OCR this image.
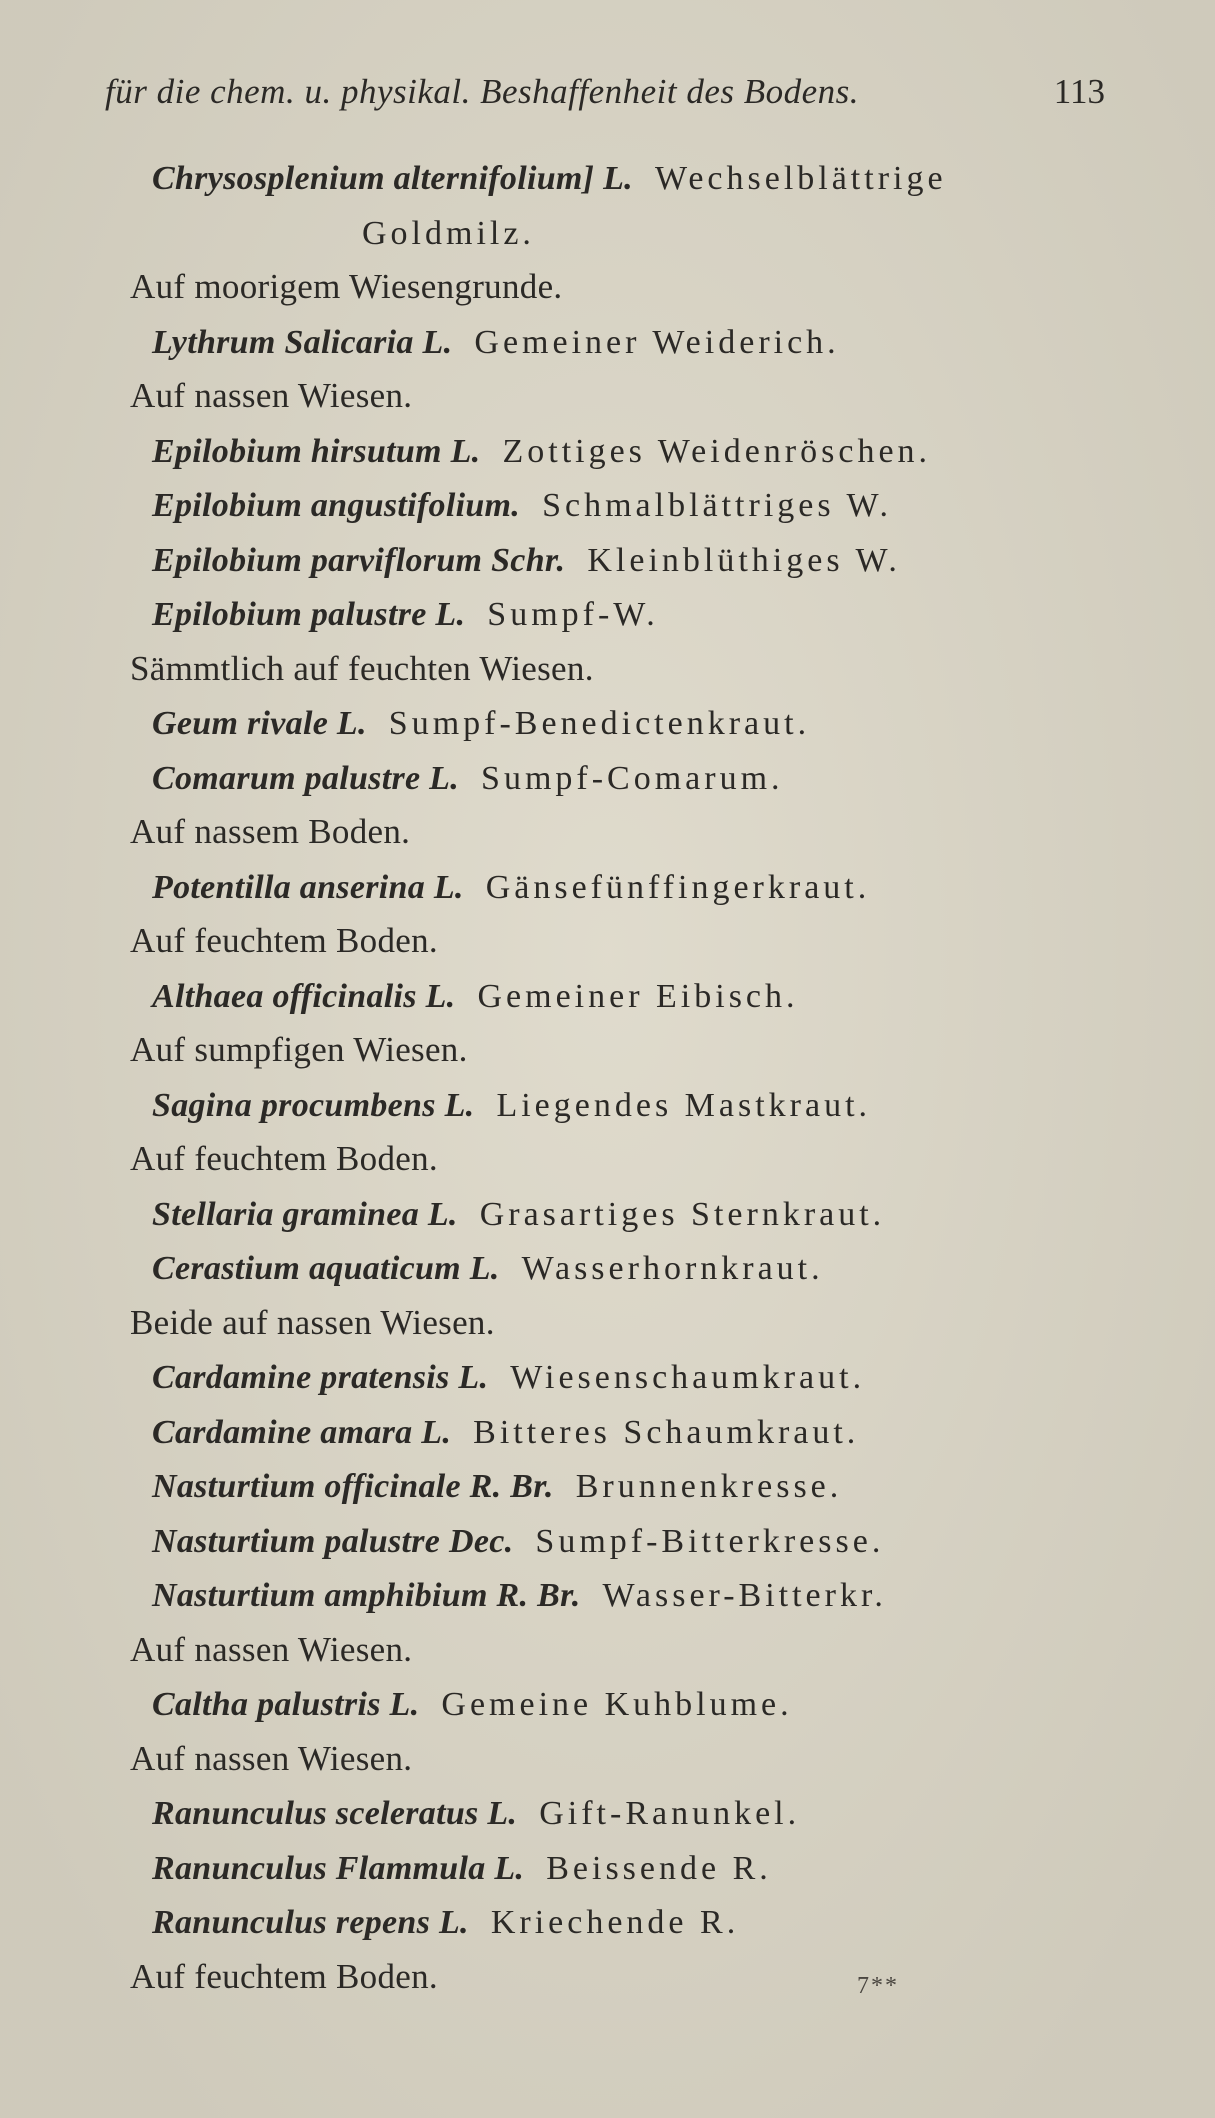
für die chem. u. physikal. Beshaffenheit des Bodens.	113
Chrysosplenium alternifolium] L. Wechselblättrige
Goldmilz.
Auf moorigem Wiesengrunde.
Lythrum Salicaria L. Gemeiner Weiderich.
Auf nassen Wiesen.
Epilobium hirsutum L. Zottiges Weidenröschen.
Epilobium angustifolium. Schmalblättriges W.
Epilobium parviflorum Schr. Kleinblüthiges W.
Epilobium palustre L. Sumpf-W.
Sämmtlich auf feuchten Wiesen.
Geum rivale L. Sumpf-Benedictenkraut.
Comarum palustre L. Sumpf-Comarum.
Auf nassem Boden.
Potentilla anserina L. Gänsefünffingerkraut.
Auf feuchtem Boden.
Althaea officinalis L. Gemeiner Eibisch.
Auf sumpfigen Wiesen.
Sagina procumbens L. Liegendes Mastkraut.
Auf feuchtem Boden.
Stellaria graminea L. Grasartiges Sternkraut.
Cerastium aquaticum L. Wasserhornkraut.
Beide auf nassen Wiesen.
Cardamine pratensis L. Wiesenschaumkraut.
Cardamine amara L. Bitteres Schaumkraut.
Nasturtium officinale R. Br. Brunnenkresse.
Nasturtium palustre Dec. Sumpf-Bitterkresse.
Nasturtium amphibium R. Br. Wasser-Bitterkr.
Auf nassen Wiesen.
Caltha palustris L. Gemeine Kuhblume.
Auf nassen Wiesen.
Ranunculus sceleratus L. Gift-Ranunkel.
Ranunculus Flammula L. Beissende R.
Ranunculus repens L. Kriechende R.
Auf feuchtem Boden.	7**
